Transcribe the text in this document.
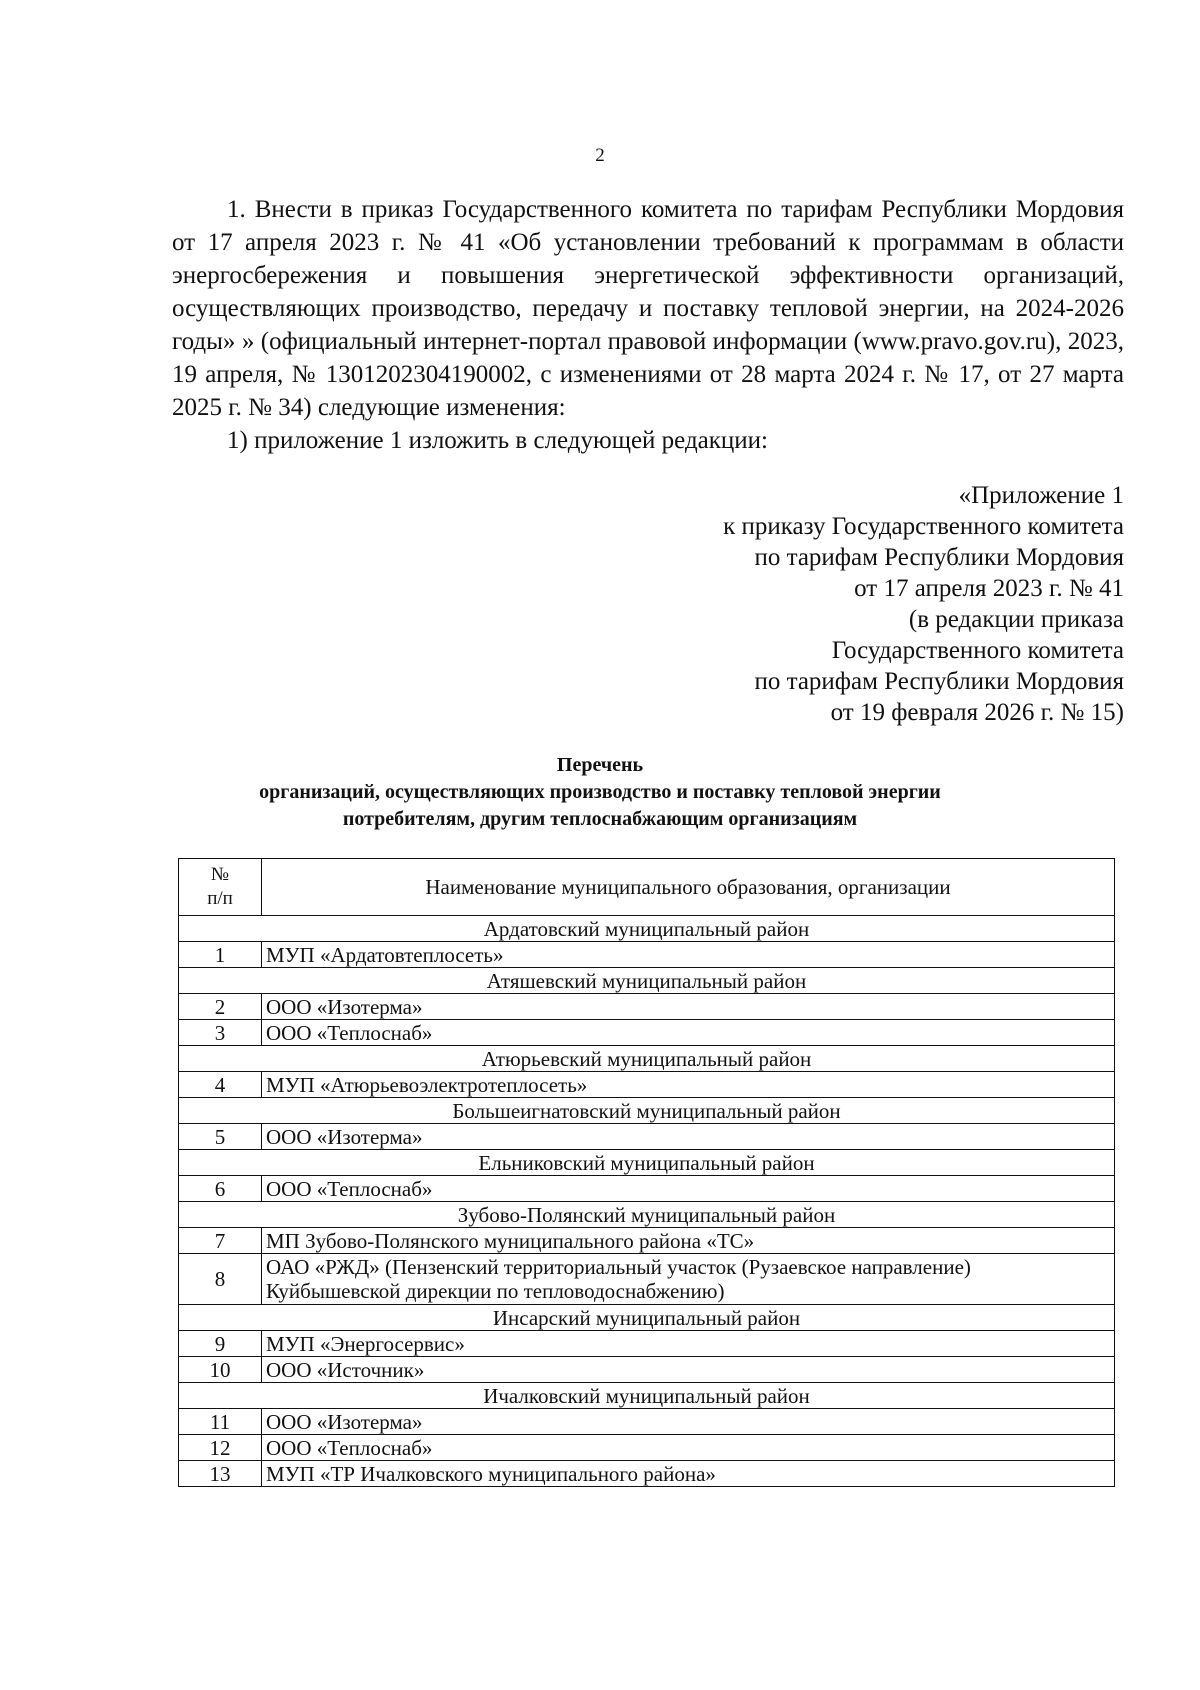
2

1. Внести в приказ Государственного комитета по тарифам Республики Мордовия от 17 апреля 2023 г. № 41 «Об установлении требований к программам в области энергосбережения и повышения энергетической эффективности организаций, осуществляющих производство, передачу и поставку тепловой энергии, на 2024-2026 годы» » (официальный интернет-портал правовой информации (www.pravo.gov.ru), 2023, 19 апреля, № 1301202304190002, с изменениями от 28 марта 2024 г. № 17, от 27 марта 2025 г. № 34) следующие изменения:

1) приложение 1 изложить в следующей редакции:

«Приложение 1
к приказу Государственного комитета
по тарифам Республики Мордовия
от 17 апреля 2023 г. № 41
(в редакции приказа
Государственного комитета
по тарифам Республики Мордовия
от 19 февраля 2026 г. № 15)
Перечень
организаций, осуществляющих производство и поставку тепловой энергии
потребителям, другим теплоснабжающим организациям
№
п/п	Наименование муниципального образования, организации
Ардатовский муниципальный район	
1	МУП «Ардатовтеплосеть»
Атяшевский муниципальный район	
2	ООО «Изотерма»
3	ООО «Теплоснаб»
Атюрьевский муниципальный район	
4	МУП «Атюрьевоэлектротеплосеть»
Большеигнатовский муниципальный район	
5	ООО «Изотерма»
Ельниковский муниципальный район	
6	ООО «Теплоснаб»
Зубово-Полянский муниципальный район	
7	МП Зубово-Полянского муниципального района «ТС»
8	ОАО «РЖД» (Пензенский территориальный участок (Рузаевское направление)
Куйбышевской дирекции по тепловодоснабжению)

Инсарский муниципальный район	
9	МУП «Энергосервис»
10	ООО «Источник»
Ичалковский муниципальный район	
11	ООО «Изотерма»
12	ООО «Теплоснаб»
13	МУП «ТР Ичалковского муниципального района»
